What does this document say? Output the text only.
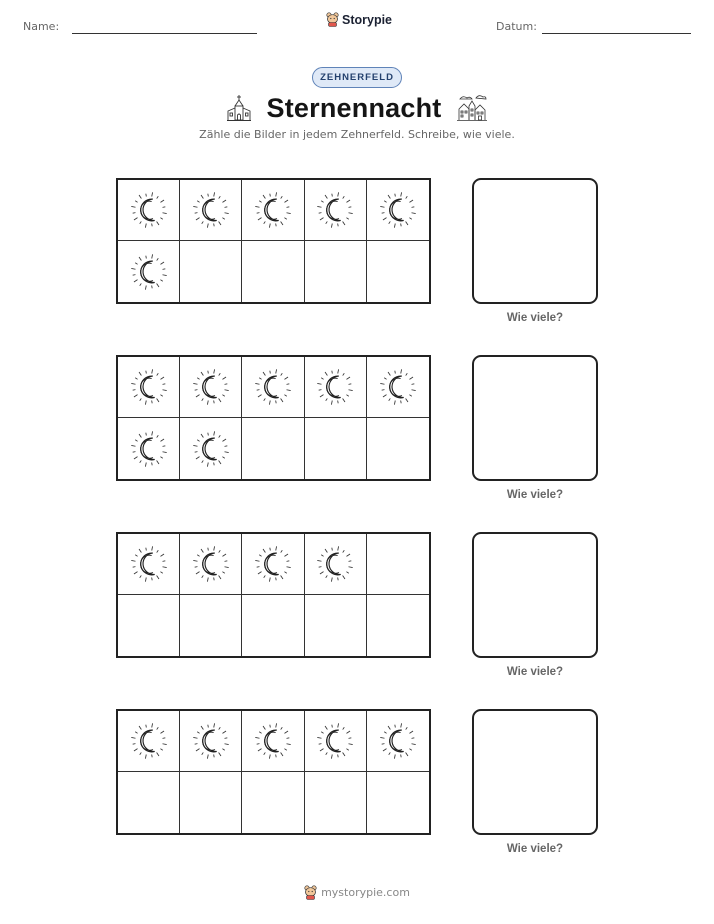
Name:	Storypie	Datum:
ZEHNERFELD
Sternennacht
Zähle die Bilder in jedem Zehnerfeld. Schreibe, wie viele.
Wie viele?
Wie viele?
Wie viele?
Wie viele?
mystorypie.com
